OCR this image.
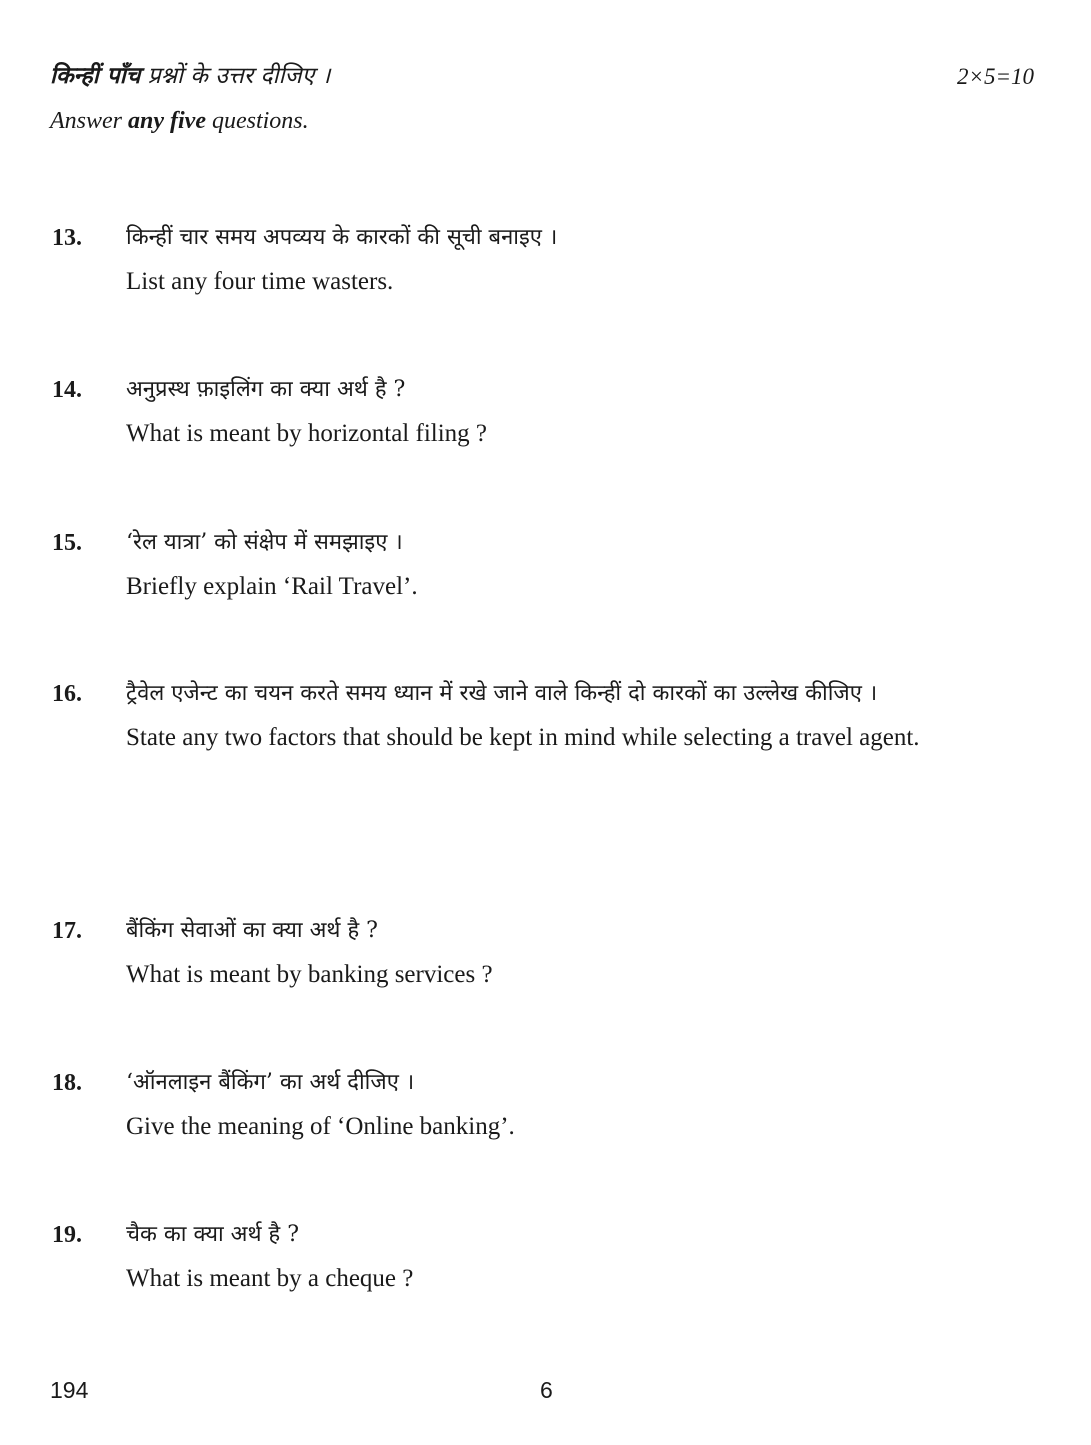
किन्हीं पाँच प्रश्नों के उत्तर दीजिए ।	2×5=10
Answer any five questions.
13. किन्हीं चार समय अपव्यय के कारकों की सूची बनाइए ।
List any four time wasters.
14. अनुप्रस्थ फ़ाइलिंग का क्या अर्थ है ?
What is meant by horizontal filing ?
15. ‘रेल यात्रा’ को संक्षेप में समझाइए ।
Briefly explain ‘Rail Travel’.
16. ट्रैवेल एजेन्ट का चयन करते समय ध्यान में रखे जाने वाले किन्हीं दो कारकों का उल्लेख कीजिए ।
State any two factors that should be kept in mind while selecting a travel agent.
17. बैंकिंग सेवाओं का क्या अर्थ है ?
What is meant by banking services ?
18. ‘ऑनलाइन बैंकिंग’ का अर्थ दीजिए ।
Give the meaning of ‘Online banking’.
19. चैक का क्या अर्थ है ?
What is meant by a cheque ?
194	6
